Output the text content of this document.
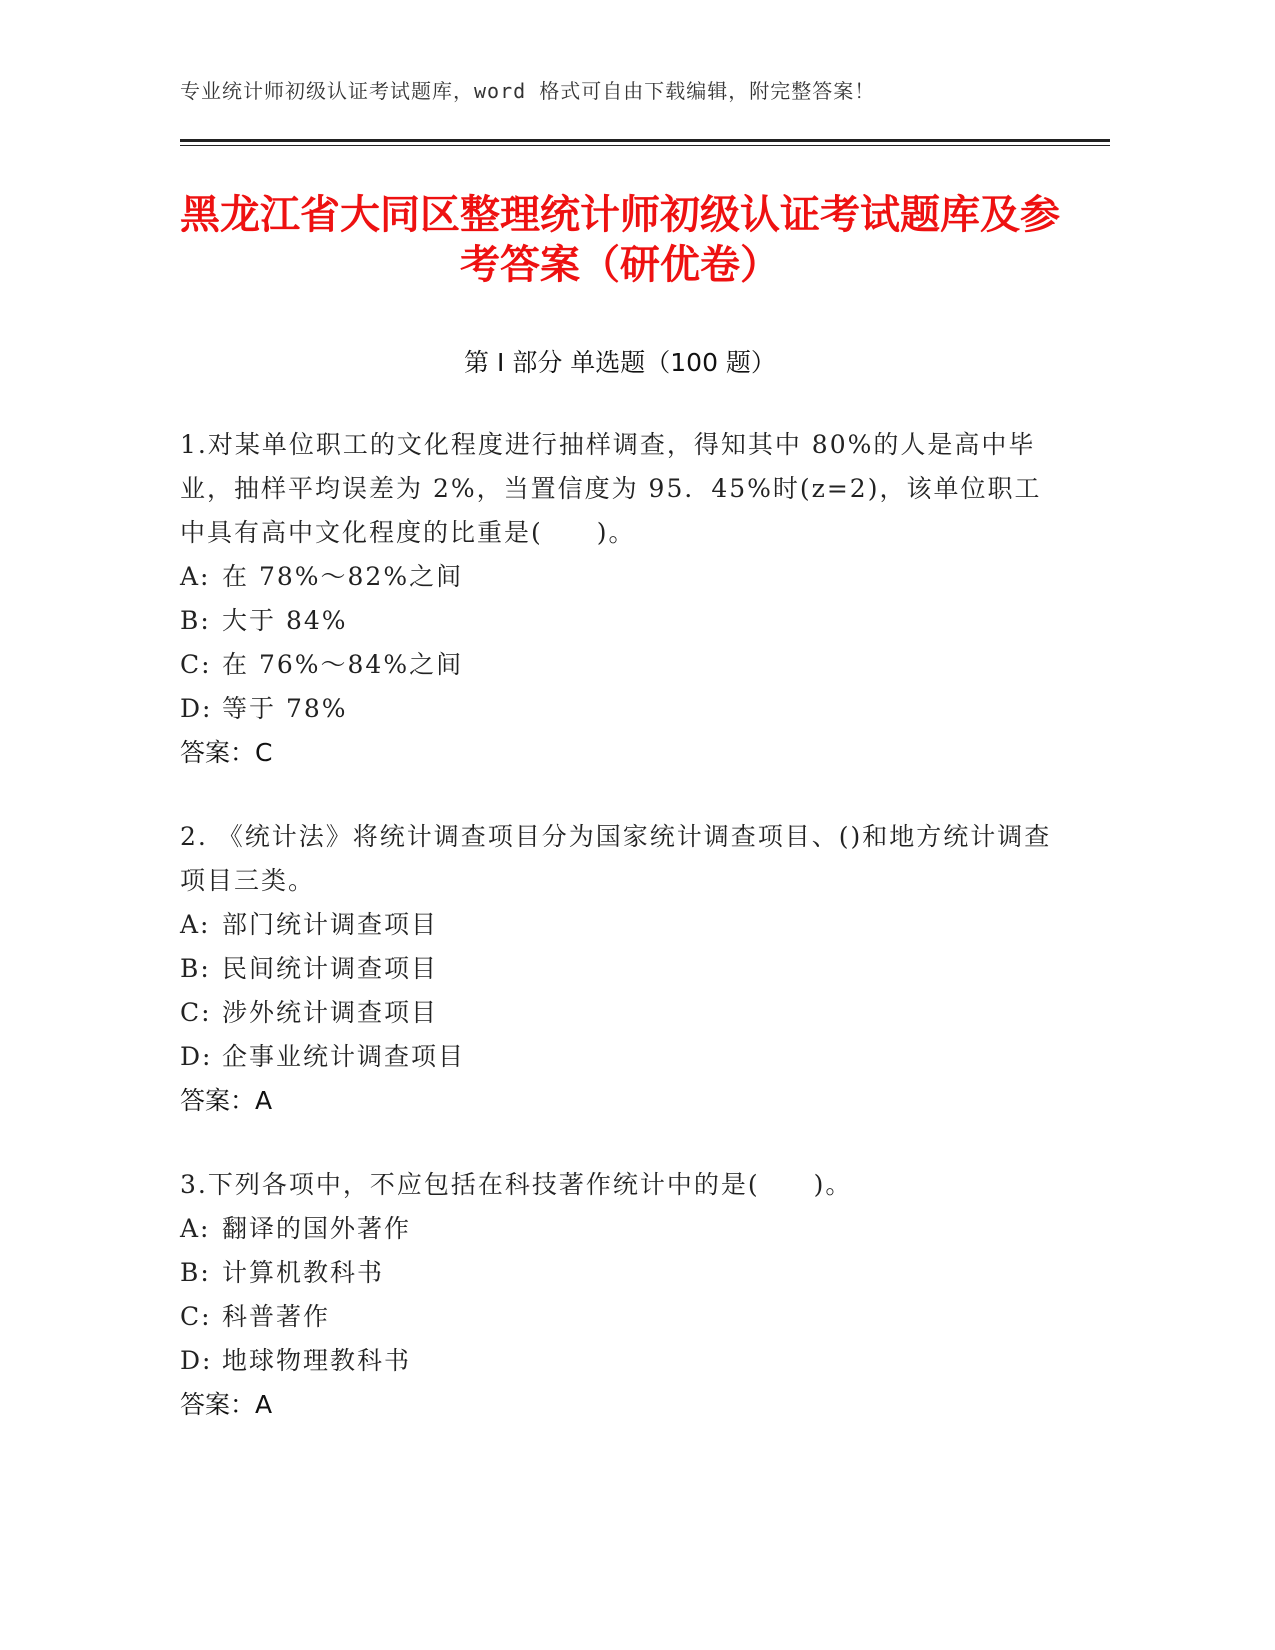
专业统计师初级认证考试题库，word 格式可自由下载编辑，附完整答案！
黑龙江省大同区整理统计师初级认证考试题库及参考答案（研优卷）
第 I 部分 单选题（100 题）
1.对某单位职工的文化程度进行抽样调查，得知其中 80%的人是高中毕业，抽样平均误差为 2%，当置信度为 95．45%时(z=2)，该单位职工中具有高中文化程度的比重是(　　)。
A: 在 78%～82%之间
B: 大于 84%
C: 在 76%～84%之间
D: 等于 78%
答案：C
2. 《统计法》将统计调查项目分为国家统计调查项目、()和地方统计调查项目三类。
A: 部门统计调查项目
B: 民间统计调查项目
C: 涉外统计调查项目
D: 企事业统计调查项目
答案：A
3.下列各项中，不应包括在科技著作统计中的是(　　)。
A: 翻译的国外著作
B: 计算机教科书
C: 科普著作
D: 地球物理教科书
答案：A
